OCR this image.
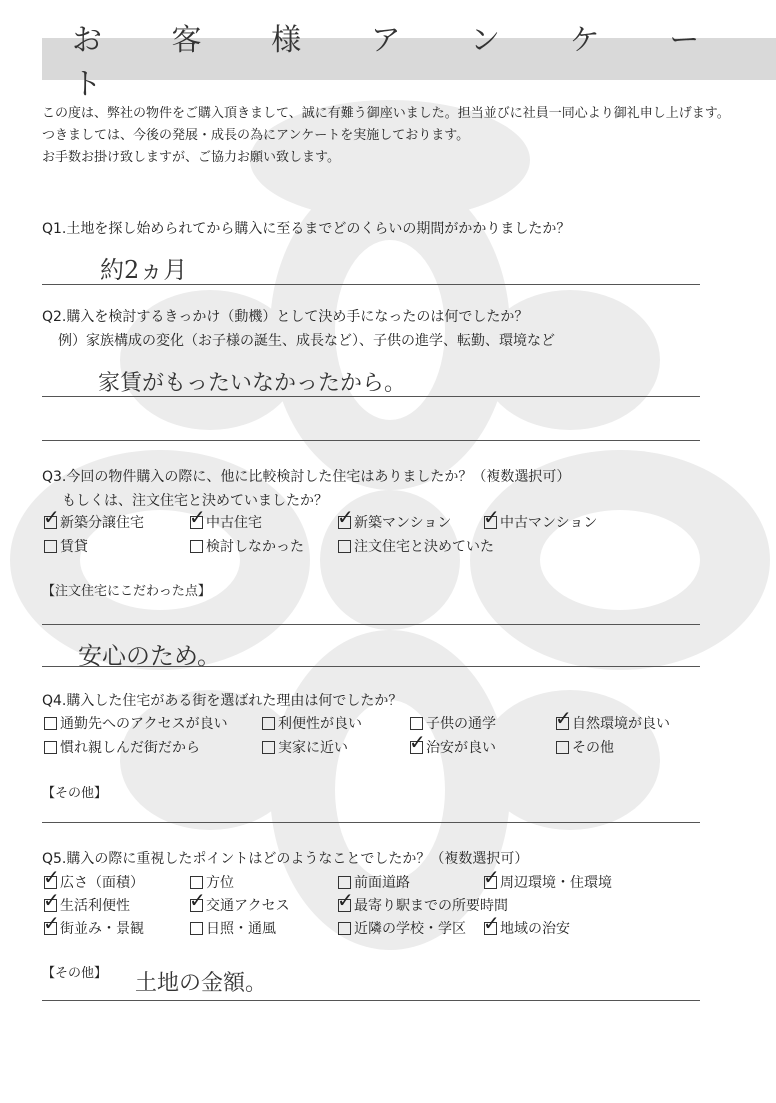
お 客 様 ア ン ケ ー ト
この度は、弊社の物件をご購入頂きまして、誠に有難う御座いました。担当並びに社員一同心より御礼申し上げます。
つきましては、今後の発展・成長の為にアンケートを実施しております。
お手数お掛け致しますが、ご協力お願い致します。
Q1.土地を探し始められてから購入に至るまでどのくらいの期間がかかりましたか？
約2ヵ月
Q2.購入を検討するきっかけ（動機）として決め手になったのは何でしたか？
例）家族構成の変化（お子様の誕生、成長など）、子供の進学、転勤、環境など
家賃がもったいなかったから。
Q3.今回の物件購入の際に、他に比較検討した住宅はありましたか？（複数選択可）
もしくは、注文住宅と決めていましたか？
✓ 新築分譲住宅 ✓ 中古住宅	✓ 新築マンション ✓ 中古マンション
賃貸	検討しなかった	注文住宅と決めていた
【注文住宅にこだわった点】
安心のため。
Q4.購入した住宅がある街を選ばれた理由は何でしたか？
通勤先へのアクセスが良い	利便性が良い	子供の通学	✓ 自然環境が良い
慣れ親しんだ街だから	実家に近い	✓ 治安が良い	その他
【その他】
Q5.購入の際に重視したポイントはどのようなことでしたか？（複数選択可）
✓ 広さ（面積）	方位	前面道路	✓ 周辺環境・住環境
✓ 生活利便性	✓ 交通アクセス ✓ 最寄り駅までの所要時間
✓ 街並み・景観	日照・通風	近隣の学校・学区 ✓ 地域の治安
【その他】 土地の金額。
